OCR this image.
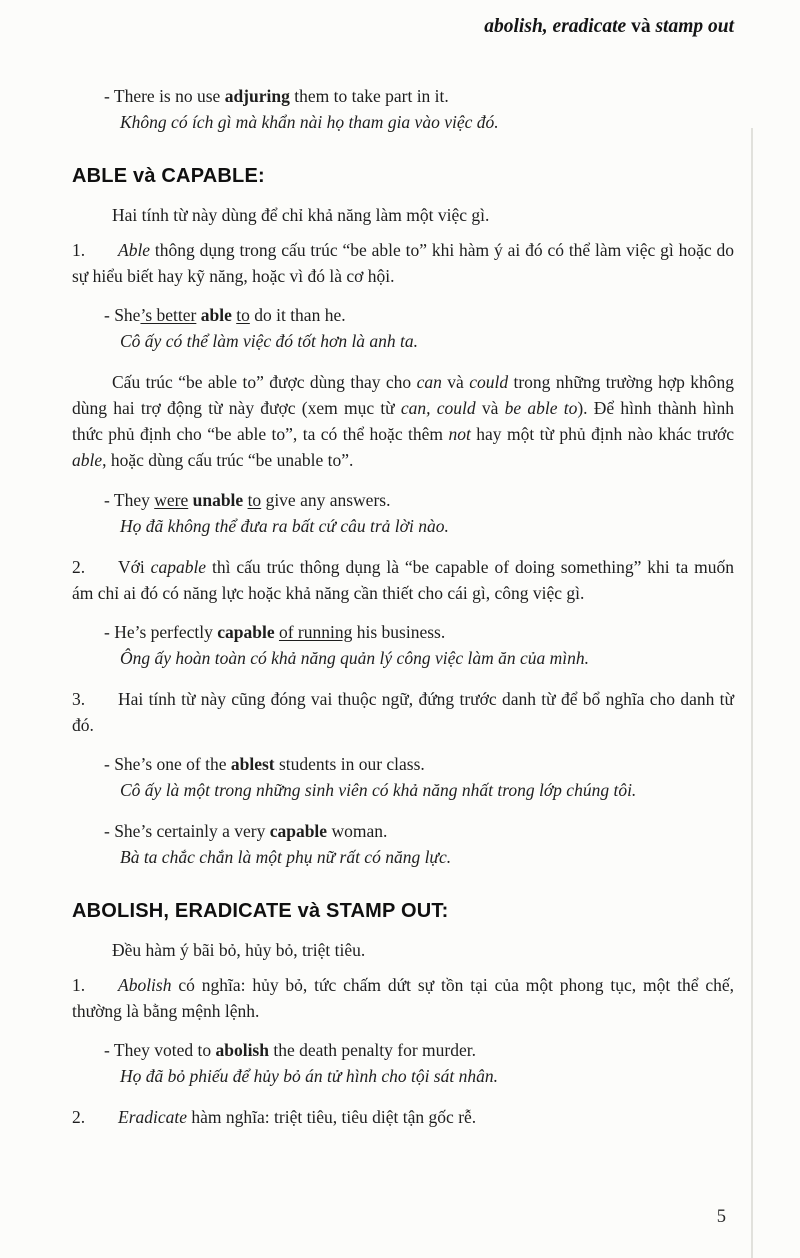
abolish, eradicate và stamp out

- There is no use adjuring them to take part in it.

Không có ích gì mà khẩn nài họ tham gia vào việc đó.

ABLE và CAPABLE:

Hai tính từ này dùng để chỉ khả năng làm một việc gì.

1. Able thông dụng trong cấu trúc “be able to” khi hàm ý ai đó có thể làm việc gì hoặc do sự hiểu biết hay kỹ năng, hoặc vì đó là cơ hội.

- She’s better able to do it than he.

Cô ấy có thể làm việc đó tốt hơn là anh ta.

Cấu trúc “be able to” được dùng thay cho can và could trong những trường hợp không dùng hai trợ động từ này được (xem mục từ can, could và be able to). Để hình thành hình thức phủ định cho “be able to”, ta có thể hoặc thêm not hay một từ phủ định nào khác trước able, hoặc dùng cấu trúc “be unable to”.

- They were unable to give any answers.

Họ đã không thể đưa ra bất cứ câu trả lời nào.

2. Với capable thì cấu trúc thông dụng là “be capable of doing something” khi ta muốn ám chỉ ai đó có năng lực hoặc khả năng cần thiết cho cái gì, công việc gì.

- He’s perfectly capable of running his business.

Ông ấy hoàn toàn có khả năng quản lý công việc làm ăn của mình.

3. Hai tính từ này cũng đóng vai thuộc ngữ, đứng trước danh từ để bổ nghĩa cho danh từ đó.

- She’s one of the ablest students in our class.

Cô ấy là một trong những sinh viên có khả năng nhất trong lớp chúng tôi.

- She’s certainly a very capable woman.

Bà ta chắc chắn là một phụ nữ rất có năng lực.

ABOLISH, ERADICATE và STAMP OUT:

Đều hàm ý bãi bỏ, hủy bỏ, triệt tiêu.

1. Abolish có nghĩa: hủy bỏ, tức chấm dứt sự tồn tại của một phong tục, một thể chế, thường là bằng mệnh lệnh.

- They voted to abolish the death penalty for murder.

Họ đã bỏ phiếu để hủy bỏ án tử hình cho tội sát nhân.

2. Eradicate hàm nghĩa: triệt tiêu, tiêu diệt tận gốc rễ.

5
